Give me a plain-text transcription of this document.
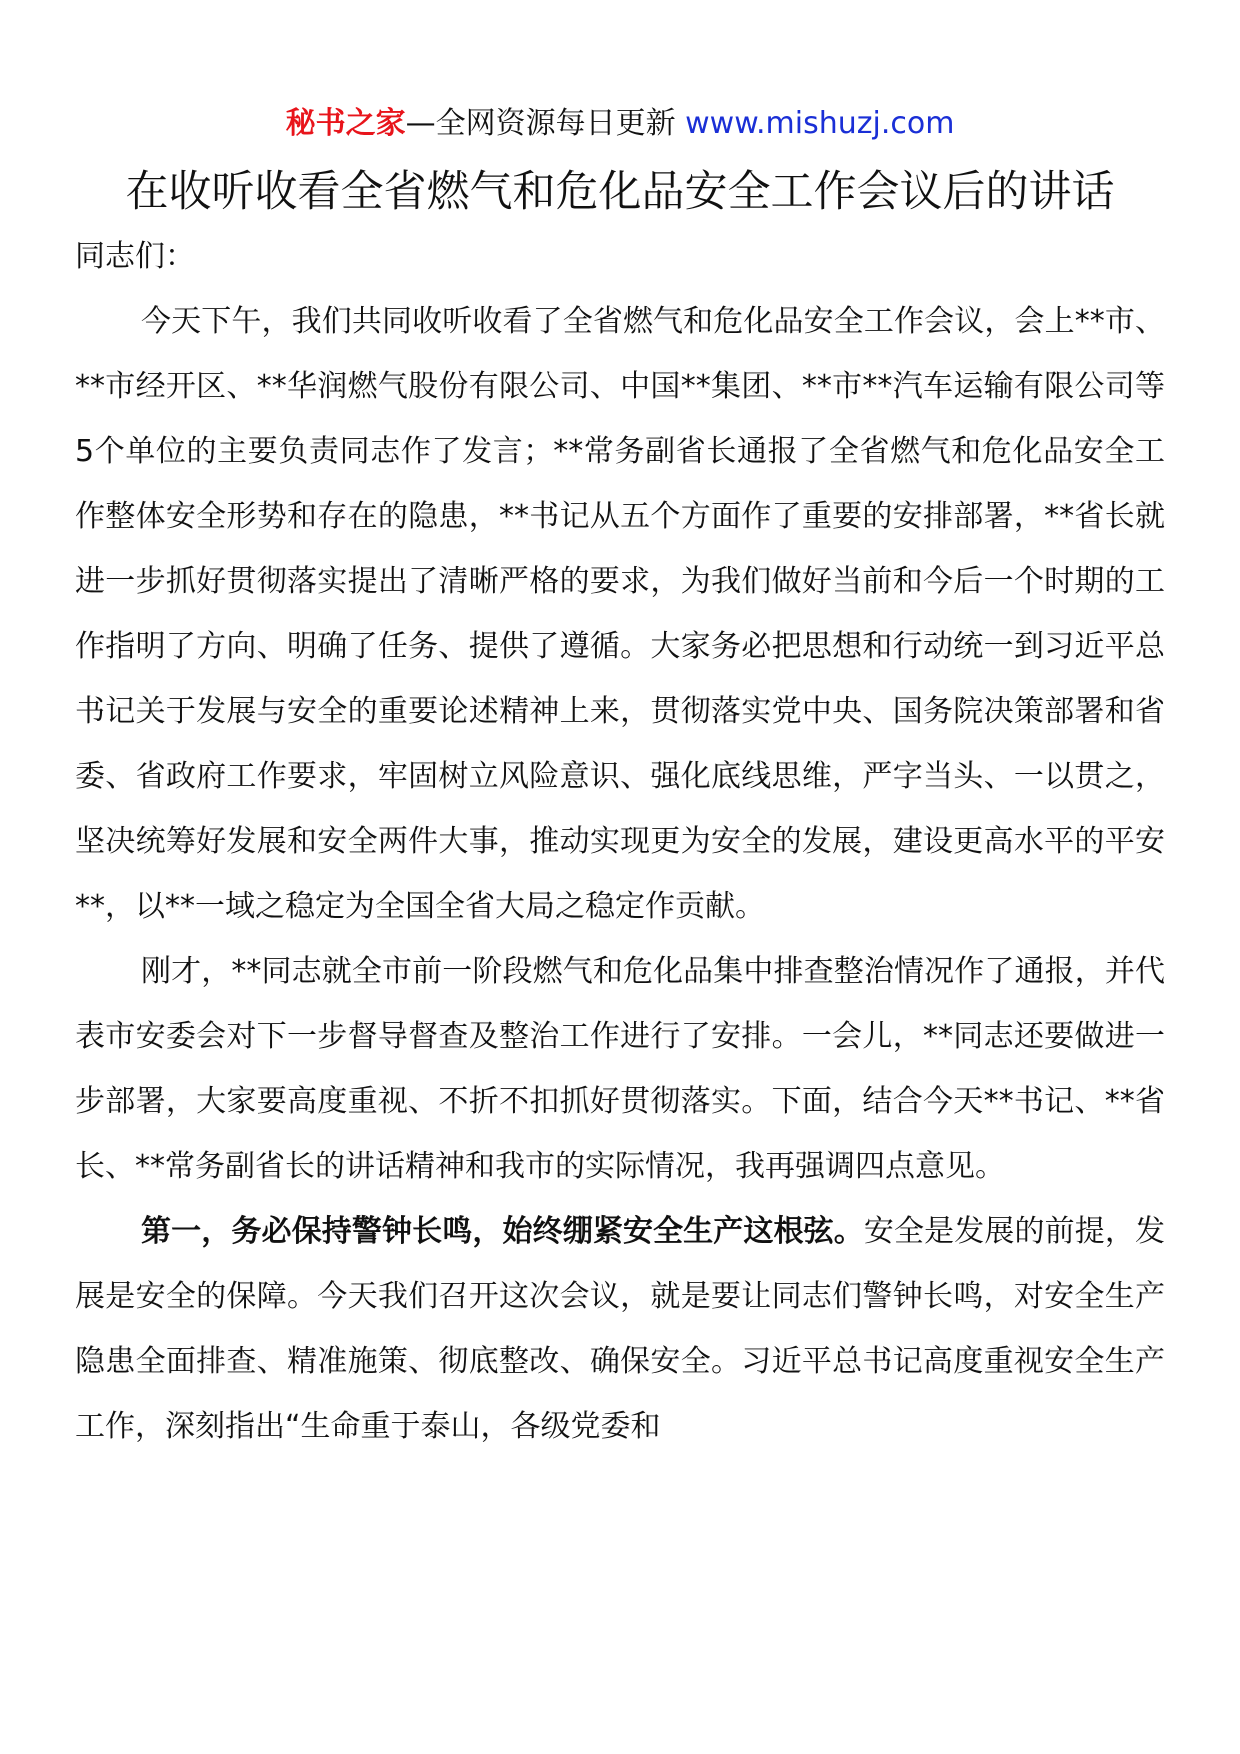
秘书之家—全网资源每日更新 www.mishuzj.com
在收听收看全省燃气和危化品安全工作会议后的讲话

同志们：

今天下午，我们共同收听收看了全省燃气和危化品安全工作会议，会上**市、**市经开区、**华润燃气股份有限公司、中国**集团、**市**汽车运输有限公司等5个单位的主要负责同志作了发言；**常务副省长通报了全省燃气和危化品安全工作整体安全形势和存在的隐患，**书记从五个方面作了重要的安排部署，**省长就进一步抓好贯彻落实提出了清晰严格的要求，为我们做好当前和今后一个时期的工作指明了方向、明确了任务、提供了遵循。大家务必把思想和行动统一到习近平总书记关于发展与安全的重要论述精神上来，贯彻落实党中央、国务院决策部署和省委、省政府工作要求，牢固树立风险意识、强化底线思维，严字当头、一以贯之，坚决统筹好发展和安全两件大事，推动实现更为安全的发展，建设更高水平的平安**，以**一域之稳定为全国全省大局之稳定作贡献。

刚才，**同志就全市前一阶段燃气和危化品集中排查整治情况作了通报，并代表市安委会对下一步督导督查及整治工作进行了安排。一会儿，**同志还要做进一步部署，大家要高度重视、不折不扣抓好贯彻落实。下面，结合今天**书记、**省长、**常务副省长的讲话精神和我市的实际情况，我再强调四点意见。

第一，务必保持警钟长鸣，始终绷紧安全生产这根弦。安全是发展的前提，发展是安全的保障。今天我们召开这次会议，就是要让同志们警钟长鸣，对安全生产隐患全面排查、精准施策、彻底整改、确保安全。习近平总书记高度重视安全生产工作，深刻指出“生命重于泰山，各级党委和
